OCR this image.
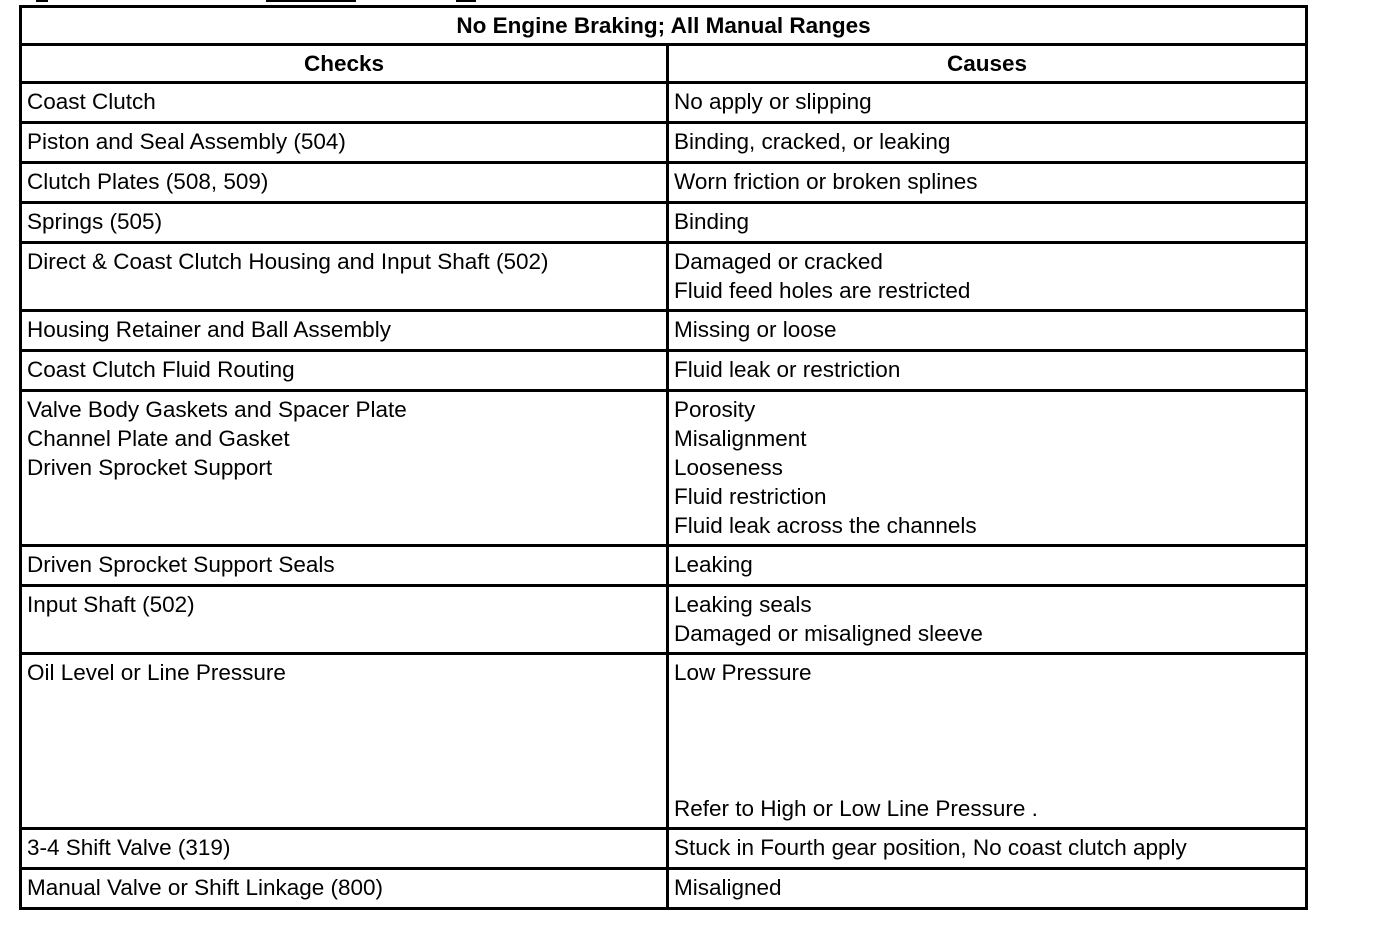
No Engine Braking; All Manual Ranges	
Checks	Causes

Coast Clutch	No apply or slipping

Piston and Seal Assembly (504)	Binding, cracked, or leaking

Clutch Plates (508, 509)	Worn friction or broken splines

Springs (505)	Binding

Direct & Coast Clutch Housing and Input Shaft (502)	Damaged or cracked
Fluid feed holes are restricted

Housing Retainer and Ball Assembly	Missing or loose

Coast Clutch Fluid Routing	Fluid leak or restriction

Valve Body Gaskets and Spacer Plate
Channel Plate and Gasket
Driven Sprocket Support	Porosity
Misalignment
Looseness
Fluid restriction
Fluid leak across the channels

Driven Sprocket Support Seals	Leaking

Input Shaft (502)	Leaking seals
Damaged or misaligned sleeve

Oil Level or Line Pressure	Low Pressure
Refer to High or Low Line Pressure .

3-4 Shift Valve (319)	Stuck in Fourth gear position, No coast clutch apply

Manual Valve or Shift Linkage (800)	Misaligned
